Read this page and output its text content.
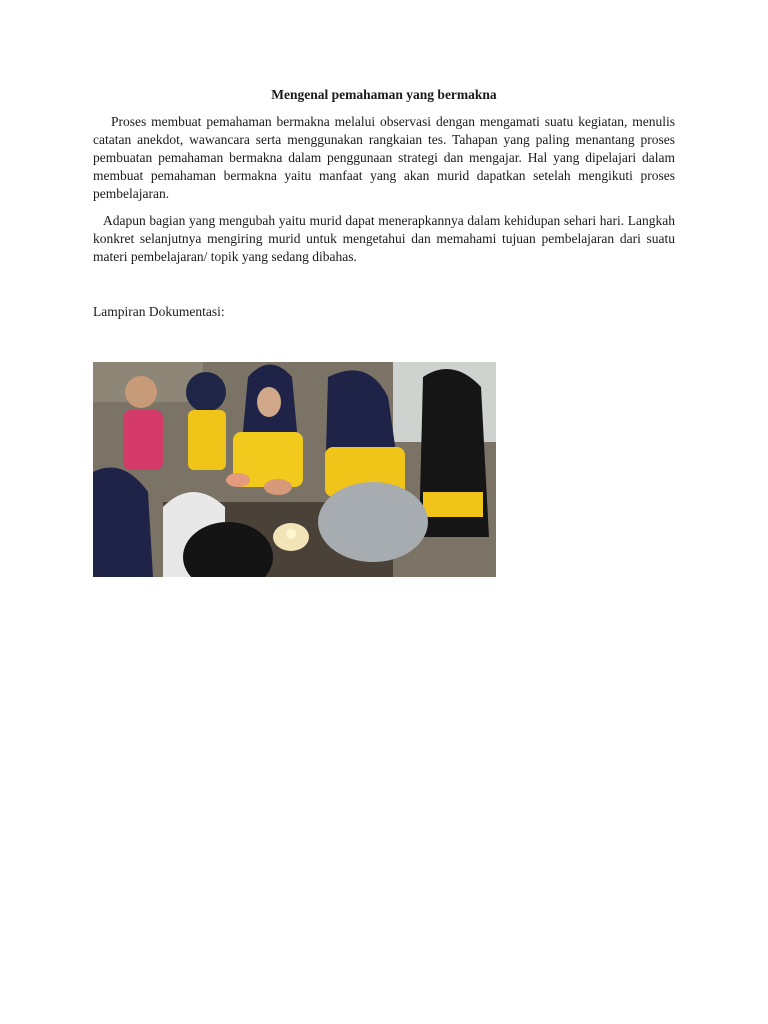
Mengenal pemahaman yang bermakna

Proses membuat pemahaman bermakna melalui observasi dengan mengamati suatu kegiatan, menulis catatan anekdot, wawancara serta menggunakan rangkaian tes. Tahapan yang paling menantang proses pembuatan pemahaman bermakna dalam penggunaan strategi dan mengajar. Hal yang dipelajari dalam membuat pemahaman bermakna yaitu manfaat yang akan murid dapatkan setelah mengikuti proses pembelajaran.

Adapun bagian yang mengubah yaitu murid dapat menerapkannya dalam kehidupan sehari hari. Langkah konkret selanjutnya mengiring murid untuk mengetahui dan memahami tujuan pembelajaran dari suatu materi pembelajaran/ topik yang sedang dibahas.

Lampiran Dokumentasi:
